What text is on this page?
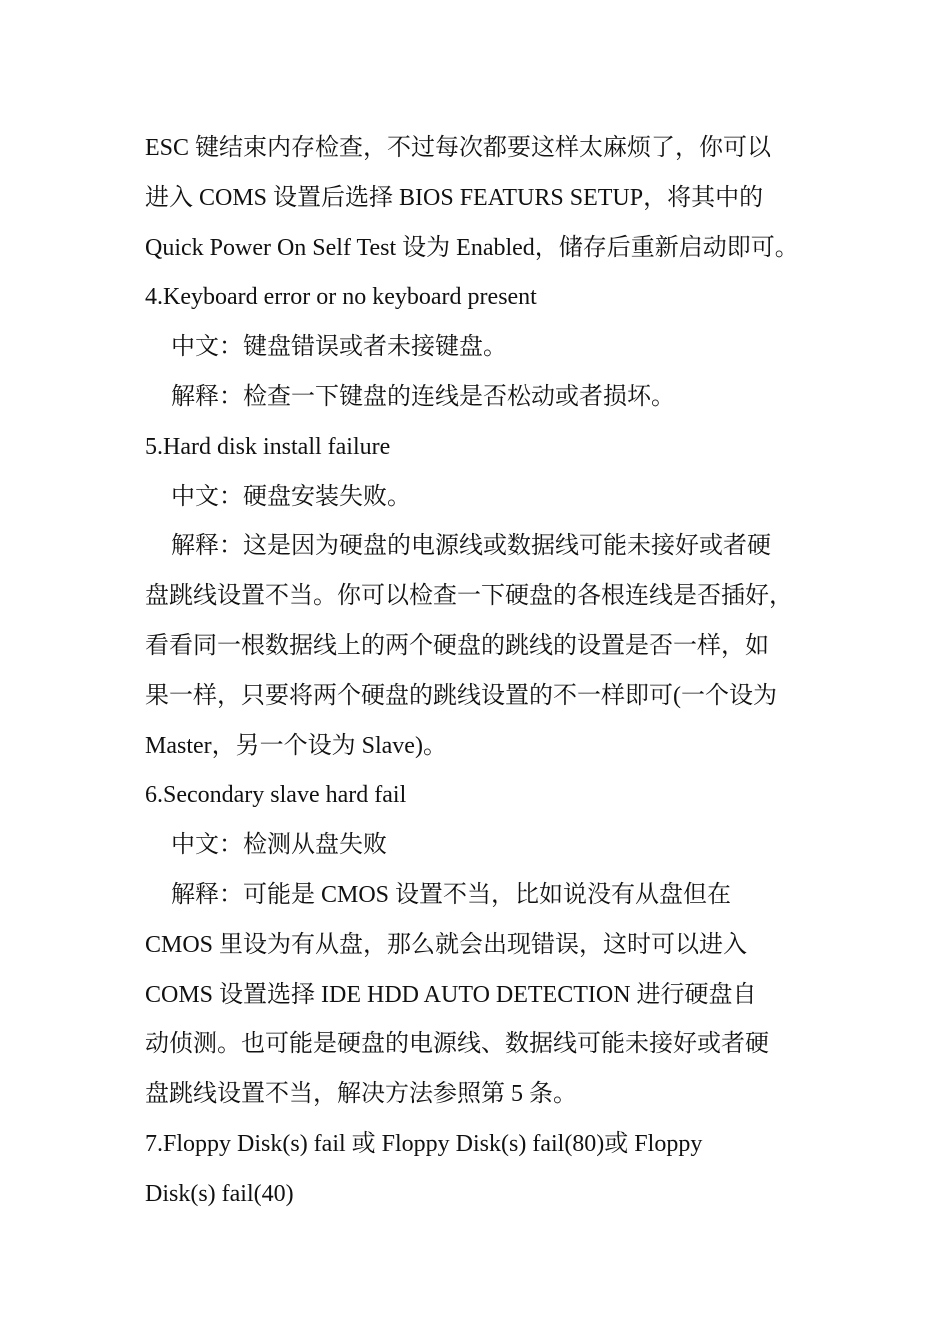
ESC 键结束内存检查，不过每次都要这样太麻烦了，你可以
进入 COMS 设置后选择 BIOS FEATURS SETUP，将其中的
Quick Power On Self Test 设为 Enabled，储存后重新启动即可。
4.Keyboard error or no keyboard present
中文：键盘错误或者未接键盘。
解释：检查一下键盘的连线是否松动或者损坏。
5.Hard disk install failure
中文：硬盘安装失败。
解释：这是因为硬盘的电源线或数据线可能未接好或者硬
盘跳线设置不当。你可以检查一下硬盘的各根连线是否插好，
看看同一根数据线上的两个硬盘的跳线的设置是否一样，如
果一样，只要将两个硬盘的跳线设置的不一样即可(一个设为
Master，另一个设为 Slave)。
6.Secondary slave hard fail
中文：检测从盘失败
解释：可能是 CMOS 设置不当，比如说没有从盘但在
CMOS 里设为有从盘，那么就会出现错误，这时可以进入
COMS 设置选择 IDE HDD AUTO DETECTION 进行硬盘自
动侦测。也可能是硬盘的电源线、数据线可能未接好或者硬
盘跳线设置不当，解决方法参照第 5 条。
7.Floppy Disk(s) fail 或 Floppy Disk(s) fail(80)或 Floppy
Disk(s) fail(40)
